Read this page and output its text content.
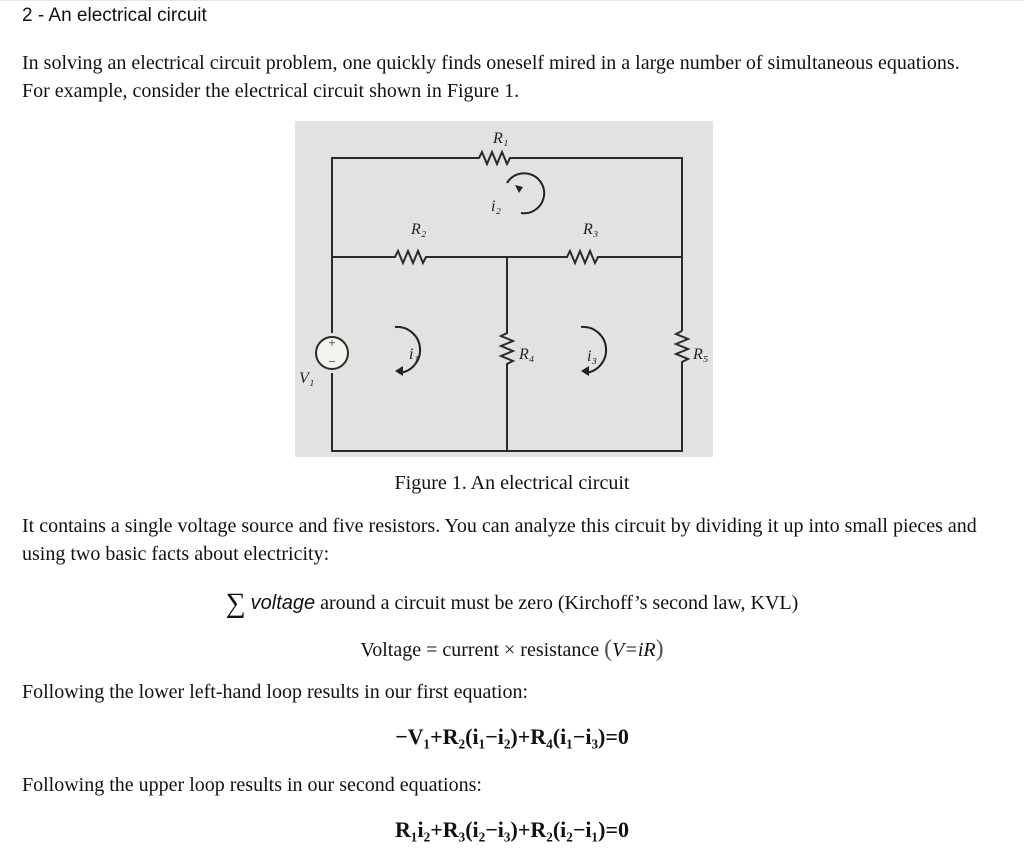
2 - An electrical circuit
In solving an electrical circuit problem, one quickly finds oneself mired in a large number of simultaneous equations. For example, consider the electrical circuit shown in Figure 1.
+
−
R₁
R₂	R₃
R₄	R₅
V₁
i₁
i₂
i₃
Figure 1. An electrical circuit
It contains a single voltage source and five resistors. You can analyze this circuit by dividing it up into small pieces and using two basic facts about electricity:
∑ voltage around a circuit must be zero (Kirchoff’s second law, KVL)
Voltage = current × resistance (V=iR)
Following the lower left-hand loop results in our first equation:
−V₁+R₂(i₁−i₂)+R₄(i₁−i₃)=0
Following the upper loop results in our second equations:
R₁i₂+R₃(i₂−i₃)+R₂(i₂−i₁)=0
